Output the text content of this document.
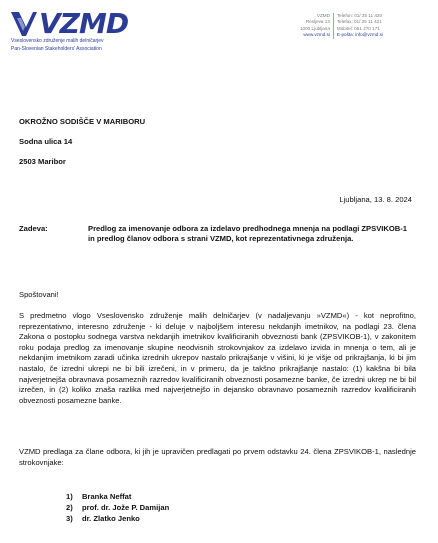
VZMD
Vseslovensko združenje malih delničarjev
Pan-Slovenian Stakeholders' Association
VZMD
Resljeva 13
1000 Ljubljana
www.vzmd.si
Telefon: 01/ 25 11 420
Telefax: 01/ 25 11 421
Mobitel: 051 270 171
E-pošta: info@vzmd.si
OKROŽNO SODIŠČE V MARIBORU
Sodna ulica 14
2503 Maribor
Ljubljana, 13. 8. 2024
Zadeva:	Predlog za imenovanje odbora za izdelavo predhodnega mnenja na podlagi ZPSVIKOB-1 in predlog članov odbora s strani VZMD, kot reprezentativnega združenja.
Spoštovani!
S predmetno vlogo Vseslovensko združenje malih delničarjev (v nadaljevanju »VZMD«) - kot neprofitno, reprezentativno, interesno združenje - ki deluje v najboljšem interesu nekdanjih imetnikov, na podlagi 23. člena Zakona o postopku sodnega varstva nekdanjih imetnikov kvalificiranih obveznosti bank (ZPSVIKOB-1), v zakonitem roku podaja predlog za imenovanje skupine neodvisnih strokovnjakov za izdelavo izvida in mnenja o tem, ali je nekdanjim imetnikom zaradi učinka izrednih ukrepov nastalo prikrajšanje v višini, ki je višje od prikrajšanja, ki bi jim nastalo, če izredni ukrepi ne bi bili izrečeni, in v primeru, da je takšno prikrajšanje nastalo: (1) kakšna bi bila najverjetnejša obravnava posameznih razredov kvalificiranih obveznosti posamezne banke, če izredni ukrep ne bi bil izrečen, in (2) koliko znaša razlika med najverjetnejšo in dejansko obravnavo posameznih razredov kvalificiranih obveznosti posamezne banke.
VZMD predlaga za člane odbora, ki jih je upravičen predlagati po prvem odstavku 24. člena ZPSVIKOB-1, naslednje strokovnjake:
1)	Branka Neffat
2)	prof. dr. Jože P. Damijan
3)	dr. Zlatko Jenko
